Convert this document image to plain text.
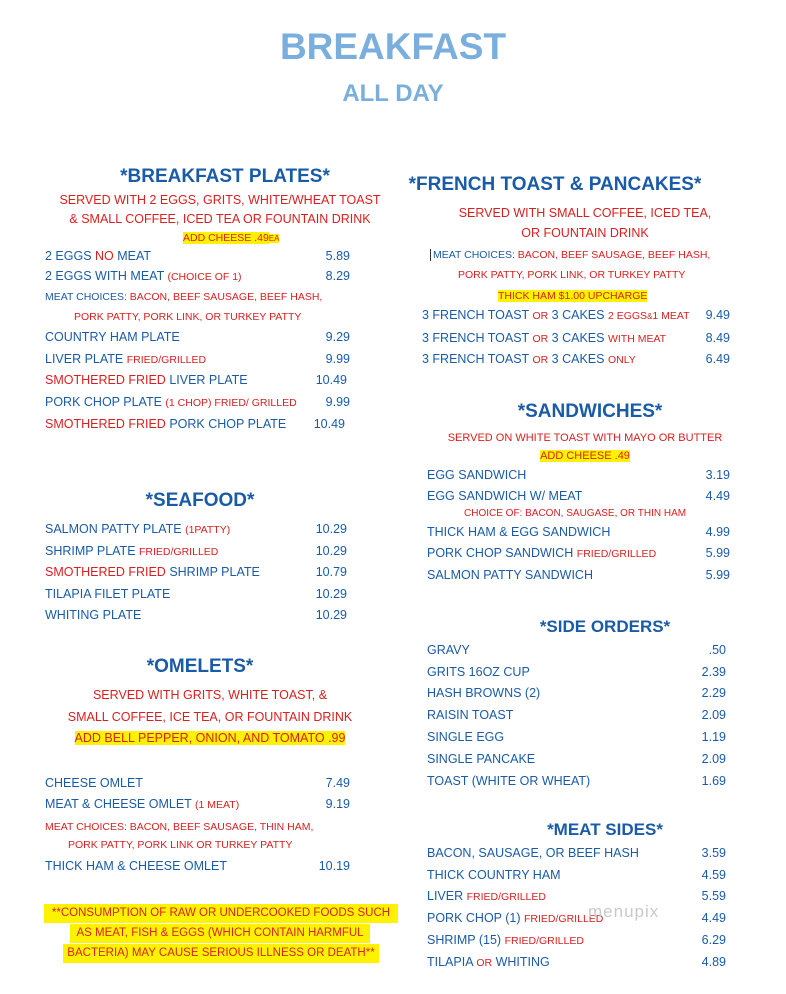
BREAKFAST
ALL DAY
*BREAKFAST PLATES*
SERVED WITH 2 EGGS, GRITS, WHITE/WHEAT TOAST
& SMALL COFFEE, ICED TEA OR FOUNTAIN DRINK
ADD CHEESE .49EA
2 EGGS NO MEAT	5.89
2 EGGS WITH MEAT (CHOICE OF 1)	8.29
MEAT CHOICES: BACON, BEEF SAUSAGE, BEEF HASH,
PORK PATTY, PORK LINK, OR TURKEY PATTY
COUNTRY HAM PLATE	9.29
LIVER PLATE FRIED/GRILLED	9.99
SMOTHERED FRIED LIVER PLATE	10.49
PORK CHOP PLATE (1 CHOP) FRIED/ GRILLED	9.99
SMOTHERED FRIED PORK CHOP PLATE	10.49
*SEAFOOD*
SALMON PATTY PLATE (1PATTY)	10.29
SHRIMP PLATE FRIED/GRILLED	10.29
SMOTHERED FRIED SHRIMP PLATE	10.79
TILAPIA FILET PLATE	10.29
WHITING PLATE	10.29
*OMELETS*
SERVED WITH GRITS, WHITE TOAST, &
SMALL COFFEE, ICE TEA, OR FOUNTAIN DRINK
ADD BELL PEPPER, ONION, AND TOMATO .99
CHEESE OMLET	7.49
MEAT & CHEESE OMLET (1 MEAT)	9.19
MEAT CHOICES: BACON, BEEF SAUSAGE, THIN HAM,
PORK PATTY, PORK LINK OR TURKEY PATTY
THICK HAM & CHEESE OMLET	10.19
**CONSUMPTION OF RAW OR UNDERCOOKED FOODS SUCH
AS MEAT, FISH & EGGS (WHICH CONTAIN HARMFUL
BACTERIA) MAY CAUSE SERIOUS ILLNESS OR DEATH**
*FRENCH TOAST & PANCAKES*
SERVED WITH SMALL COFFEE, ICED TEA,
OR FOUNTAIN DRINK
MEAT CHOICES: BACON, BEEF SAUSAGE, BEEF HASH,
PORK PATTY, PORK LINK, OR TURKEY PATTY
THICK HAM $1.00 UPCHARGE
3 FRENCH TOAST OR 3 CAKES 2 EGGS&1 MEAT	9.49
3 FRENCH TOAST OR 3 CAKES WITH MEAT	8.49
3 FRENCH TOAST OR 3 CAKES ONLY	6.49
*SANDWICHES*
SERVED ON WHITE TOAST WITH MAYO OR BUTTER
ADD CHEESE .49
EGG SANDWICH	3.19
EGG SANDWICH W/ MEAT	4.49
CHOICE OF: BACON, SAUGASE, OR THIN HAM
THICK HAM & EGG SANDWICH	4.99
PORK CHOP SANDWICH FRIED/GRILLED	5.99
SALMON PATTY SANDWICH	5.99
*SIDE ORDERS*
GRAVY	.50
GRITS 16OZ CUP	2.39
HASH BROWNS (2)	2.29
RAISIN TOAST	2.09
SINGLE EGG	1.19
SINGLE PANCAKE	2.09
TOAST (WHITE OR WHEAT)	1.69
*MEAT SIDES*
BACON, SAUSAGE, OR BEEF HASH	3.59
THICK COUNTRY HAM	4.59
LIVER FRIED/GRILLED	5.59
PORK CHOP (1) FRIED/GRILLED	4.49
SHRIMP (15) FRIED/GRILLED	6.29
TILAPIA OR WHITING	4.89
menupix
